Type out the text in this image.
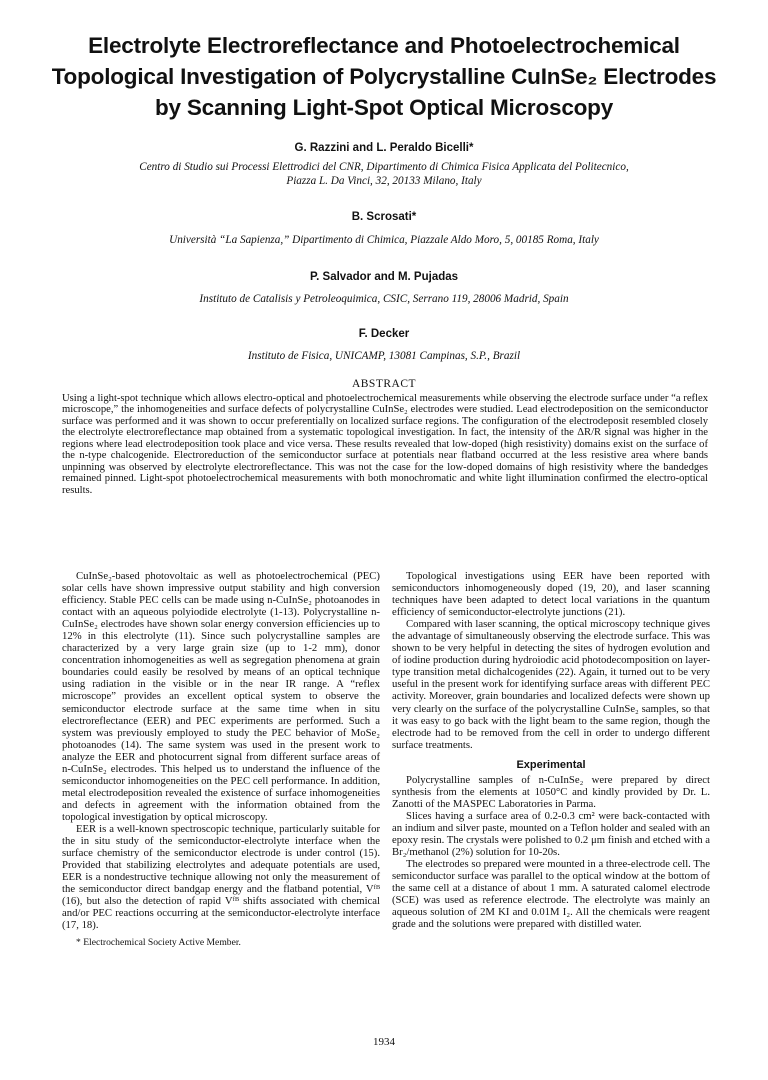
Electrolyte Electroreflectance and Photoelectrochemical
Topological Investigation of Polycrystalline CuInSe₂ Electrodes
by Scanning Light-Spot Optical Microscopy
G. Razzini and L. Peraldo Bicelli*
Centro di Studio sui Processi Elettrodici del CNR, Dipartimento di Chimica Fisica Applicata del Politecnico,
Piazza L. Da Vinci, 32, 20133 Milano, Italy
B. Scrosati*
Università “La Sapienza,” Dipartimento di Chimica, Piazzale Aldo Moro, 5, 00185 Roma, Italy
P. Salvador and M. Pujadas
Instituto de Catalisis y Petroleoquimica, CSIC, Serrano 119, 28006 Madrid, Spain
F. Decker
Instituto de Fisica, UNICAMP, 13081 Campinas, S.P., Brazil
ABSTRACT
Using a light-spot technique which allows electro-optical and photoelectrochemical measurements while observing the electrode surface under “a reflex microscope,” the inhomogeneities and surface defects of polycrystalline CuInSe₂ electrodes were studied. Lead electrodeposition on the semiconductor surface was performed and it was shown to occur preferentially on localized surface regions. The configuration of the electrodeposit resembled closely the electrolyte electroreflectance map obtained from a systematic topological investigation. In fact, the intensity of the ΔR/R signal was higher in the regions where lead electrodeposition took place and vice versa. These results revealed that low-doped (high resistivity) domains exist on the surface of the n-type chalcogenide. Electroreduction of the semiconductor surface at potentials near flatband occurred at the less resistive area where bands unpinning was observed by electrolyte electroreflectance. This was not the case for the low-doped domains of high resistivity where the bandedges remained pinned. Light-spot photoelectrochemical measurements with both monochromatic and white light illumination confirmed the electro-optical results.

CuInSe₂-based photovoltaic as well as photoelectrochemical (PEC) solar cells have shown impressive output stability and high conversion efficiency. Stable PEC cells can be made using n-CuInSe₂ photoanodes in contact with an aqueous polyiodide electrolyte (1-13). Polycrystalline n-CuInSe₂ electrodes have shown solar energy conversion efficiencies up to 12% in this electrolyte (11). Since such polycrystalline samples are characterized by a very large grain size (up to 1-2 mm), donor concentration inhomogeneities as well as segregation phenomena at grain boundaries could easily be resolved by means of an optical technique using radiation in the visible or in the near IR range. A “reflex microscope” provides an excellent optical system to observe the semiconductor electrode surface at the same time when in situ electroreflectance (EER) and PEC experiments are performed. Such a system was previously employed to study the PEC behavior of MoSe₂ photoanodes (14). The same system was used in the present work to analyze the EER and photocurrent signal from different surface areas of n-CuInSe₂ electrodes. This helped us to understand the influence of the semiconductor inhomogeneities on the PEC cell performance. In addition, metal electrodeposition revealed the existence of surface inhomogeneities and defects in agreement with the information obtained from the topological investigation by optical microscopy.

EER is a well-known spectroscopic technique, particularly suitable for the in situ study of the semiconductor-electrolyte interface when the surface chemistry of the semiconductor electrode is under control (15). Provided that stabilizing electrolytes and adequate potentials are used, EER is a nondestructive technique allowing not only the measurement of the semiconductor direct bandgap energy and the flatband potential, Vᶠᴮ (16), but also the detection of rapid Vᶠᴮ shifts associated with chemical and/or PEC reactions occurring at the semiconductor-electrolyte interface (17, 18).

* Electrochemical Society Active Member.

Topological investigations using EER have been reported with semiconductors inhomogeneously doped (19, 20), and laser scanning techniques have been adapted to detect local variations in the quantum efficiency of semiconductor-electrolyte junctions (21).

Compared with laser scanning, the optical microscopy technique gives the advantage of simultaneously observing the electrode surface. This was shown to be very helpful in detecting the sites of hydrogen evolution and of iodine production during hydroiodic acid photodecomposition on layer-type transition metal dichalcogenides (22). Again, it turned out to be very useful in the present work for identifying surface areas with different PEC activity. Moreover, grain boundaries and localized defects were shown up very clearly on the surface of the polycrystalline CuInSe₂ samples, so that it was easy to go back with the light beam to the same region, though the electrode had to be removed from the cell in order to undergo different surface treatments.

Experimental

Polycrystalline samples of n-CuInSe₂ were prepared by direct synthesis from the elements at 1050°C and kindly provided by Dr. L. Zanotti of the MASPEC Laboratories in Parma.

Slices having a surface area of 0.2-0.3 cm² were back-contacted with an indium and silver paste, mounted on a Teflon holder and sealed with an epoxy resin. The crystals were polished to 0.2 μm finish and etched with a Br₂/methanol (2%) solution for 10-20s.

The electrodes so prepared were mounted in a three-electrode cell. The semiconductor surface was parallel to the optical window at the bottom of the same cell at a distance of about 1 mm. A saturated calomel electrode (SCE) was used as reference electrode. The electrolyte was mainly an aqueous solution of 2M KI and 0.01M I₂. All the chemicals were reagent grade and the solutions were prepared with distilled water.

1934
